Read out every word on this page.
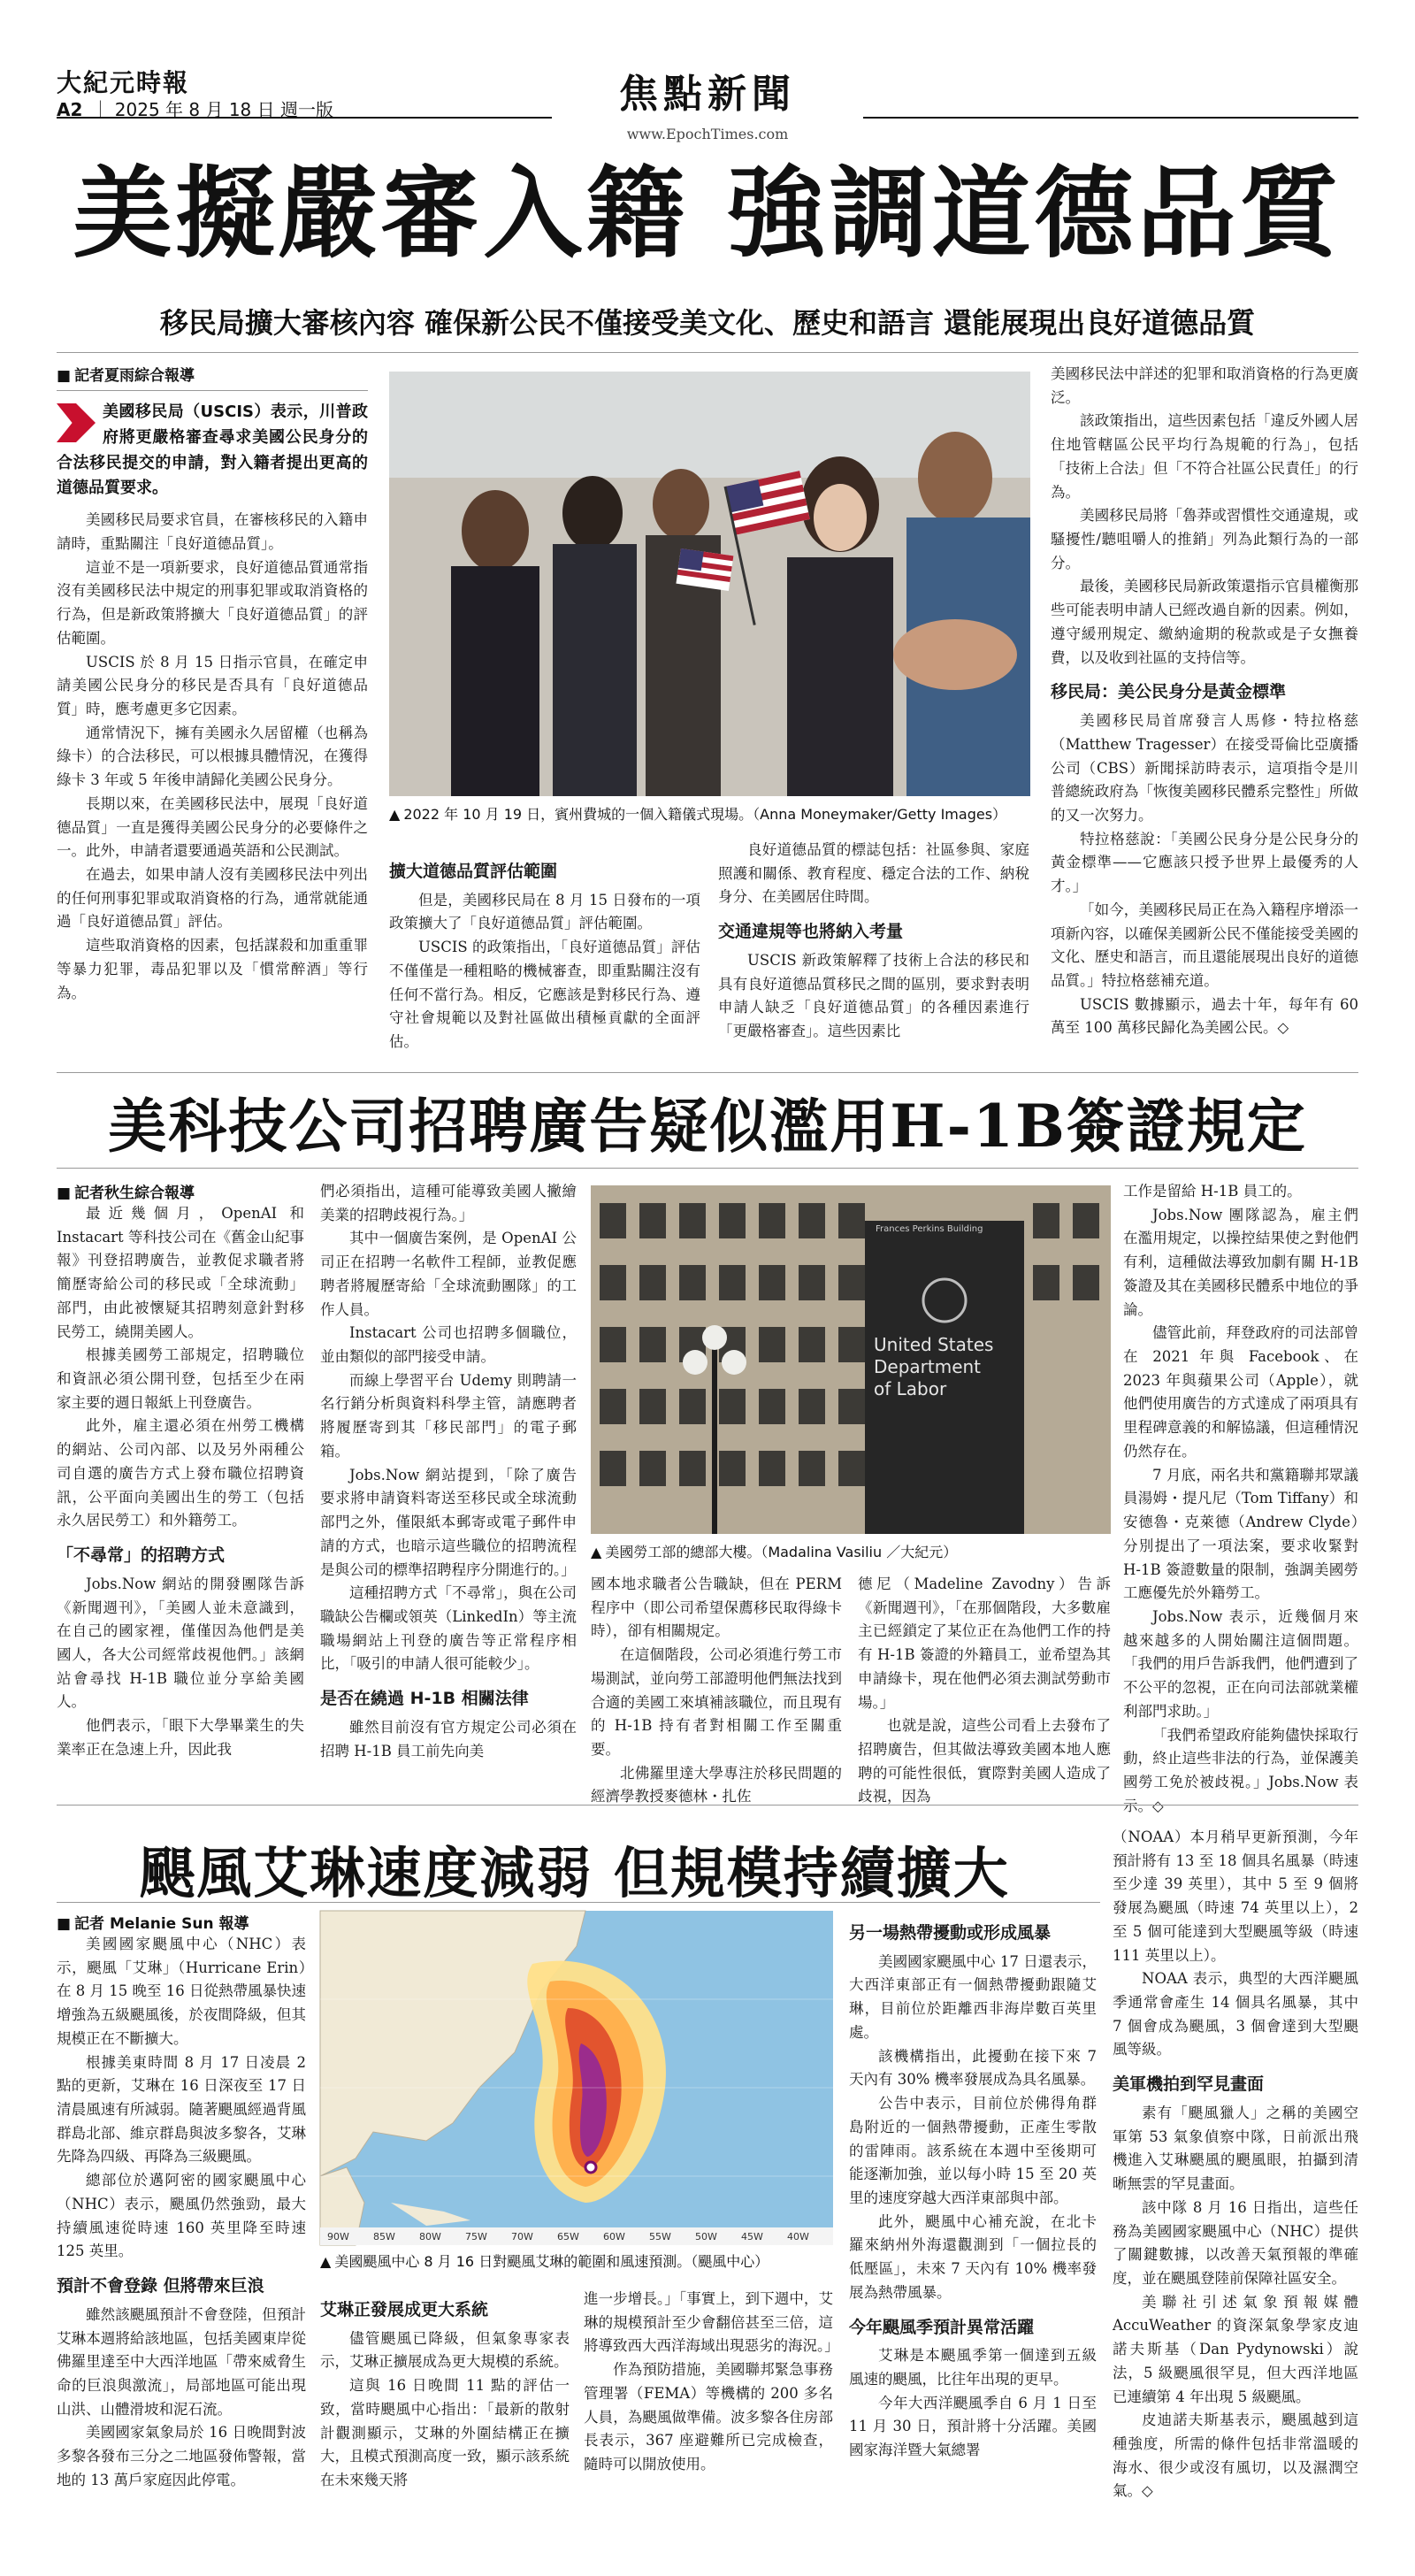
大紀元時報
A2 ｜ 2025 年 8 月 18 日 週一版	焦點新聞
www.EpochTimes.com
美擬嚴審入籍 強調道德品質
移民局擴大審核內容 確保新公民不僅接受美文化、歷史和語言 還能展現出良好道德品質
■ 記者夏雨綜合報導
美國移民局（USCIS）表示，川普政府將更嚴格審查尋求美國公民身分的合法移民提交的申請，對入籍者提出更高的道德品質要求。

美國移民局要求官員，在審核移民的入籍申請時，重點關注「良好道德品質」。

這並不是一項新要求，良好道德品質通常指沒有美國移民法中規定的刑事犯罪或取消資格的行為，但是新政策將擴大「良好道德品質」的評估範圍。

USCIS 於 8 月 15 日指示官員，在確定申請美國公民身分的移民是否具有「良好道德品質」時，應考慮更多它因素。

通常情況下，擁有美國永久居留權（也稱為綠卡）的合法移民，可以根據具體情況，在獲得綠卡 3 年或 5 年後申請歸化美國公民身分。

長期以來，在美國移民法中，展現「良好道德品質」一直是獲得美國公民身分的必要條件之一。此外，申請者還要通過英語和公民測試。

在過去，如果申請人沒有美國移民法中列出的任何刑事犯罪或取消資格的行為，通常就能通過「良好道德品質」評估。

這些取消資格的因素，包括謀殺和加重重罪等暴力犯罪，毒品犯罪以及「慣常醉酒」等行為。

▲ 2022 年 10 月 19 日，賓州費城的一個入籍儀式現場。（Anna Moneymaker/Getty Images）
擴大道德品質評估範圍

但是，美國移民局在 8 月 15 日發布的一項政策擴大了「良好道德品質」評估範圍。

USCIS 的政策指出，「良好道德品質」評估不僅僅是一種粗略的機械審查，即重點關注沒有任何不當行為。相反，它應該是對移民行為、遵守社會規範以及對社區做出積極貢獻的全面評估。

良好道德品質的標誌包括：社區參與、家庭照護和關係、教育程度、穩定合法的工作、納稅身分、在美國居住時間。

交通違規等也將納入考量

USCIS 新政策解釋了技術上合法的移民和具有良好道德品質移民之間的區別，要求對表明申請人缺乏「良好道德品質」的各種因素進行「更嚴格審查」。這些因素比

美國移民法中詳述的犯罪和取消資格的行為更廣泛。

該政策指出，這些因素包括「違反外國人居住地管轄區公民平均行為規範的行為」，包括「技術上合法」但「不符合社區公民責任」的行為。

美國移民局將「魯莽或習慣性交通違規，或騷擾性/聽咀嚼人的推銷」列為此類行為的一部分。

最後，美國移民局新政策還指示官員權衡那些可能表明申請人已經改過自新的因素。例如，遵守緩刑規定、繳納逾期的稅款或是子女撫養費，以及收到社區的支持信等。

移民局：美公民身分是黃金標準

美國移民局首席發言人馬修・特拉格慈（Matthew Tragesser）在接受哥倫比亞廣播公司（CBS）新聞採訪時表示，這項指令是川普總統政府為「恢復美國移民體系完整性」所做的又一次努力。

特拉格慈說：「美國公民身分是公民身分的黃金標準——它應該只授予世界上最優秀的人才。」

「如今，美國移民局正在為入籍程序增添一項新內容，以確保美國新公民不僅能接受美國的文化、歷史和語言，而且還能展現出良好的道德品質。」特拉格慈補充道。

USCIS 數據顯示，過去十年，每年有 60 萬至 100 萬移民歸化為美國公民。◇

美科技公司招聘廣告疑似濫用H-1B簽證規定
■ 記者秋生綜合報導

最近幾個月，OpenAI 和 Instacart 等科技公司在《舊金山紀事報》刊登招聘廣告，並教促求職者將簡歷寄給公司的移民或「全球流動」部門，由此被懷疑其招聘刻意針對移民勞工，繞開美國人。

根據美國勞工部規定，招聘職位和資訊必須公開刊登，包括至少在兩家主要的週日報紙上刊登廣告。

此外，雇主還必須在州勞工機構的網站、公司內部、以及另外兩種公司自選的廣告方式上發布職位招聘資訊，公平面向美國出生的勞工（包括永久居民勞工）和外籍勞工。

「不尋常」的招聘方式

Jobs.Now 網站的開發團隊告訴《新聞週刊》，「美國人並未意識到，在自己的國家裡，僅僅因為他們是美國人，各大公司經常歧視他們。」該網站會尋找 H-1B 職位並分享給美國人。

他們表示，「眼下大學畢業生的失業率正在急速上升，因此我

們必須指出，這種可能導致美國人撇繪美業的招聘歧視行為。」

其中一個廣告案例，是 OpenAI 公司正在招聘一名軟件工程師，並教促應聘者將履歷寄給「全球流動團隊」的工作人員。

Instacart 公司也招聘多個職位，並由類似的部門接受申請。

而線上學習平台 Udemy 則聘請一名行銷分析與資料科學主管，請應聘者將履歷寄到其「移民部門」的電子郵箱。

Jobs.Now 網站提到，「除了廣告要求將申請資料寄送至移民或全球流動部門之外，僅限紙本郵寄或電子郵件申請的方式，也暗示這些職位的招聘流程是與公司的標準招聘程序分開進行的。」

這種招聘方式「不尋常」，與在公司職缺公告欄或領英（LinkedIn）等主流職場網站上刊登的廣告等正常程序相比，「吸引的申請人很可能較少」。

是否在繞過 H-1B 相關法律

雖然目前沒有官方規定公司必須在招聘 H-1B 員工前先向美

Frances Perkins Building
United States
Department
of Labor
▲ 美國勞工部的總部大樓。（Madalina Vasiliu ／大紀元）

國本地求職者公告職缺，但在 PERM 程序中（即公司希望保薦移民取得綠卡時），卻有相關規定。

在這個階段，公司必須進行勞工市場測試，並向勞工部證明他們無法找到合適的美國工來填補該職位，而且現有的 H-1B 持有者對相關工作至關重要。

北佛羅里達大學專注於移民問題的經濟學教授麥德林・扎佐

德尼（Madeline Zavodny）告訴《新聞週刊》，「在那個階段，大多數雇主已經鎖定了某位正在為他們工作的持有 H-1B 簽證的外籍員工，並希望為其申請綠卡，現在他們必須去測試勞動市場。」

也就是說，這些公司看上去發布了招聘廣告，但其做法導致美國本地人應聘的可能性很低，實際對美國人造成了歧視，因為

工作是留給 H-1B 員工的。

Jobs.Now 團隊認為，雇主們在濫用規定，以操控結果使之對他們有利，這種做法導致加劇有關 H-1B 簽證及其在美國移民體系中地位的爭論。

儘管此前，拜登政府的司法部曾在 2021 年與 Facebook、在 2023 年與蘋果公司（Apple），就他們使用廣告的方式達成了兩項具有里程碑意義的和解協議，但這種情況仍然存在。

7 月底，兩名共和黨籍聯邦眾議員湯姆・提凡尼（Tom Tiffany）和安德魯・克萊德（Andrew Clyde）分別提出了一項法案，要求收緊對 H-1B 簽證數量的限制，強調美國勞工應優先於外籍勞工。

Jobs.Now 表示，近幾個月來越來越多的人開始關注這個問題。「我們的用戶告訴我們，他們遭到了不公平的忽視，正在向司法部就業權利部門求助。」

「我們希望政府能夠儘快採取行動，終止這些非法的行為，並保護美國勞工免於被歧視。」Jobs.Now 表示。◇

颶風艾琳速度減弱 但規模持續擴大
■ 記者 Melanie Sun 報導

美國國家颶風中心（NHC）表示，颶風「艾琳」（Hurricane Erin）在 8 月 15 晚至 16 日從熱帶風暴快速增強為五級颶風後，於夜間降級，但其規模正在不斷擴大。

根據美東時間 8 月 17 日凌晨 2 點的更新，艾琳在 16 日深夜至 17 日清晨風速有所減弱。隨著颶風經過背風群島北部、維京群島與波多黎各，艾琳先降為四級、再降為三級颶風。

總部位於邁阿密的國家颶風中心（NHC）表示，颶風仍然強勁，最大持續風速從時速 160 英里降至時速 125 英里。

預計不會登錄 但將帶來巨浪

雖然該颶風預計不會登陸，但預計艾琳本週將給該地區，包括美國東岸從佛羅里達至中大西洋地區「帶來威脅生命的巨浪與激流」，局部地區可能出現山洪、山體滑坡和泥石流。

美國國家氣象局於 16 日晚間對波多黎各發布三分之二地區發佈警報，當地的 13 萬戶家庭因此停電。

90W 85W 80W 75W 70W 65W 60W 55W 50W 45W 40W
▲ 美國颶風中心 8 月 16 日對颶風艾琳的範圍和風速預測。（颶風中心）
艾琳正發展成更大系統

儘管颶風已降級，但氣象專家表示，艾琳正擴展成為更大規模的系統。

這與 16 日晚間 11 點的評估一致，當時颶風中心指出：「最新的散射計觀測顯示，艾琳的外圍結構正在擴大，且模式預測高度一致，顯示該系統在未來幾天將

進一步增長。」「事實上，到下週中，艾琳的規模預計至少會翻倍甚至三倍，這將導致西大西洋海域出現惡劣的海況。」

作為預防措施，美國聯邦緊急事務管理署（FEMA）等機構的 200 多名人員，為颶風做準備。波多黎各住房部長表示，367 座避難所已完成檢查，隨時可以開放使用。

另一場熱帶擾動或形成風暴

美國國家颶風中心 17 日還表示，大西洋東部正有一個熱帶擾動跟隨艾琳，目前位於距離西非海岸數百英里處。

該機構指出，此擾動在接下來 7 天內有 30% 機率發展成為具名風暴。

公告中表示，目前位於佛得角群島附近的一個熱帶擾動，正產生零散的雷陣雨。該系統在本週中至後期可能逐漸加強，並以每小時 15 至 20 英里的速度穿越大西洋東部與中部。

此外，颶風中心補充說，在北卡羅來納州外海還觀測到「一個拉長的低壓區」，未來 7 天內有 10% 機率發展為熱帶風暴。

今年颶風季預計異常活躍

艾琳是本颶風季第一個達到五級風速的颶風，比往年出現的更早。

今年大西洋颶風季自 6 月 1 日至 11 月 30 日，預計將十分活躍。美國國家海洋暨大氣總署

（NOAA）本月稍早更新預測，今年預計將有 13 至 18 個具名風暴（時速至少達 39 英里），其中 5 至 9 個將發展為颶風（時速 74 英里以上），2 至 5 個可能達到大型颶風等級（時速 111 英里以上）。

NOAA 表示，典型的大西洋颶風季通常會產生 14 個具名風暴，其中 7 個會成為颶風，3 個會達到大型颶風等級。

美軍機拍到罕見畫面

素有「颶風獵人」之稱的美國空軍第 53 氣象偵察中隊，日前派出飛機進入艾琳颶風的颶風眼，拍攝到清晰無雲的罕見畫面。

該中隊 8 月 16 日指出，這些任務為美國國家颶風中心（NHC）提供了關鍵數據，以改善天氣預報的準確度，並在颶風登陸前保障社區安全。

美聯社引述氣象預報媒體 AccuWeather 的資深氣象學家皮迪諾夫斯基（Dan Pydynowski）說法，5 級颶風很罕見，但大西洋地區已連續第 4 年出現 5 級颶風。

皮迪諾夫斯基表示，颶風越到這種強度，所需的條件包括非常溫暖的海水、很少或沒有風切，以及濕潤空氣。◇
